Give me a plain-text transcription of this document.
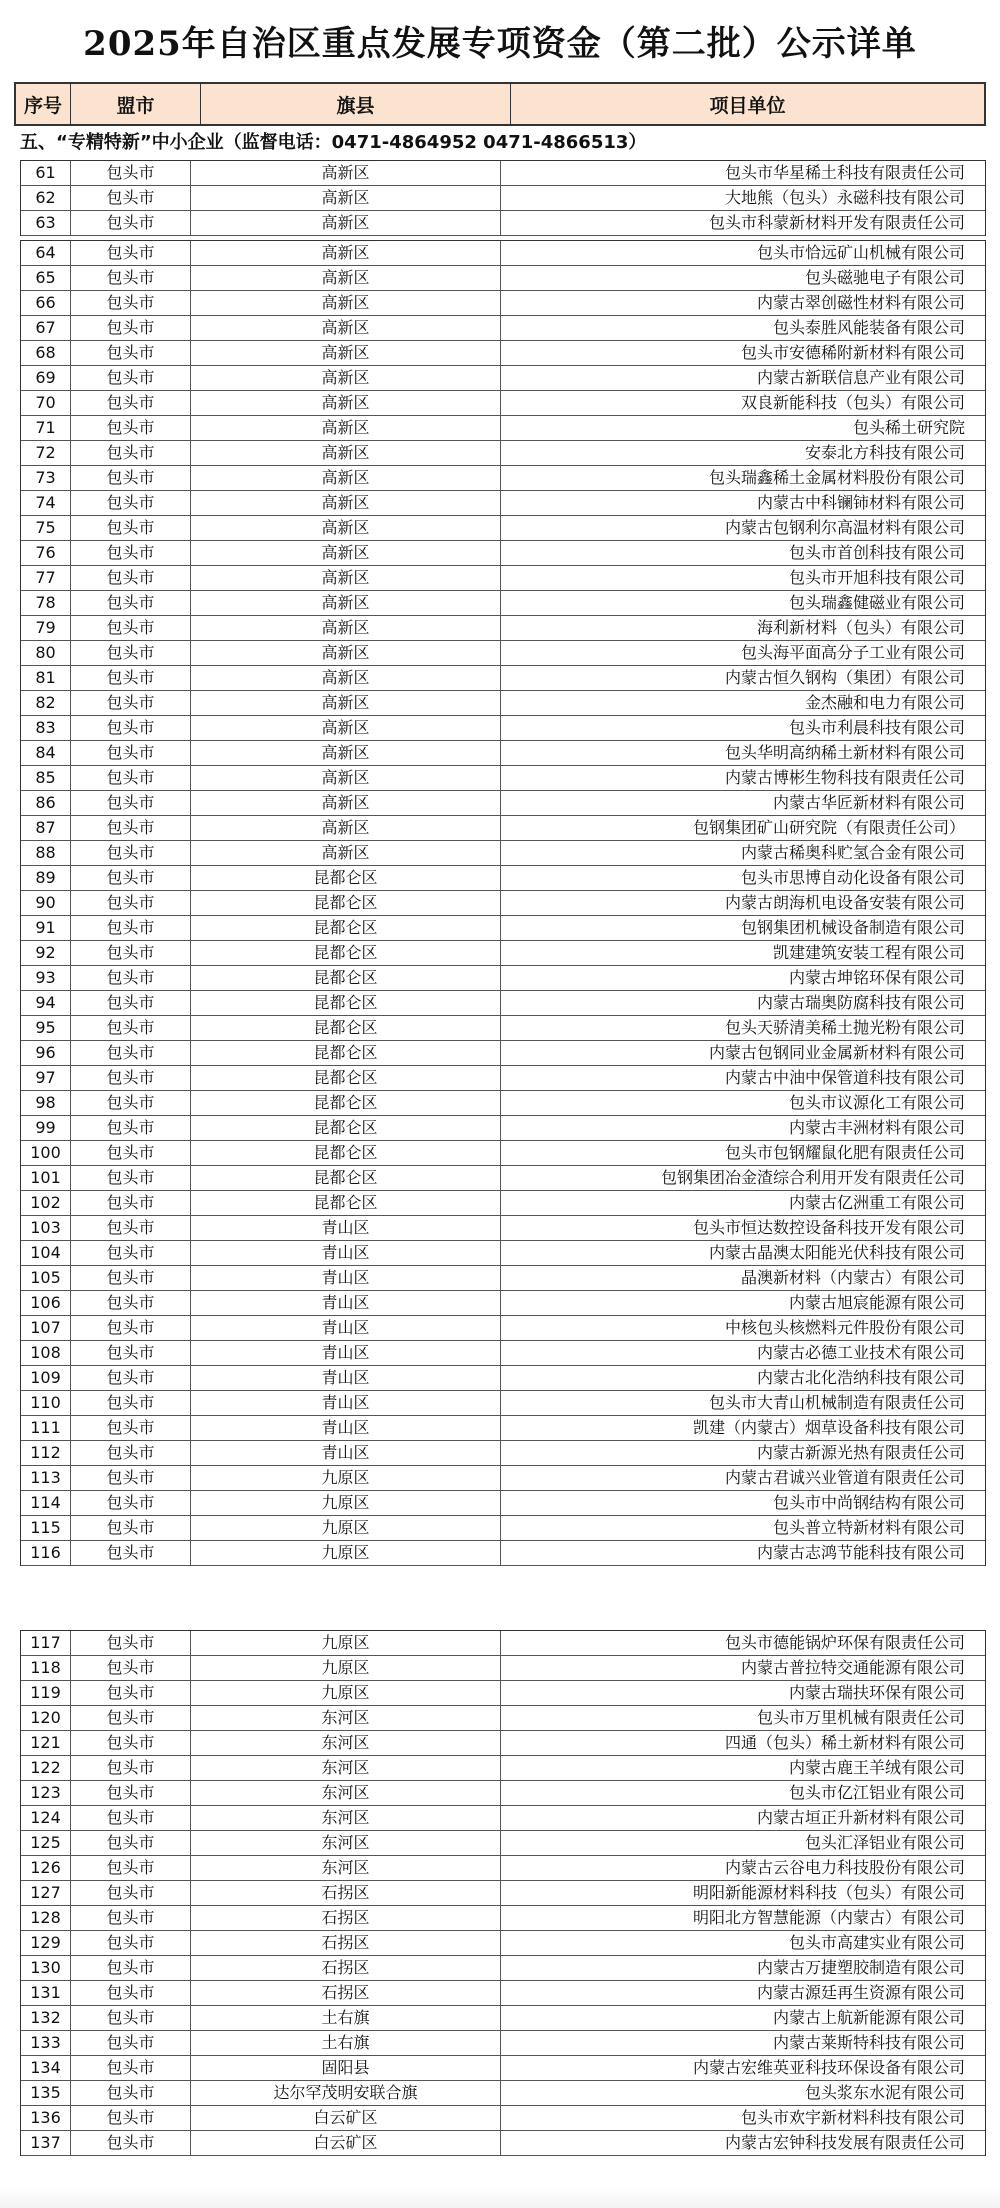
2025年自治区重点发展专项资金（第二批）公示详单
序号	盟市	旗县	项目单位
五、“专精特新”中小企业（监督电话：0471-4864952 0471-4866513）
61	包头市	高新区	包头市华星稀土科技有限责任公司
62	包头市	高新区	大地熊（包头）永磁科技有限公司
63	包头市	高新区	包头市科蒙新材料开发有限责任公司
64	包头市	高新区	包头市恰远矿山机械有限公司
65	包头市	高新区	包头磁驰电子有限公司
66	包头市	高新区	内蒙古翠创磁性材料有限公司
67	包头市	高新区	包头泰胜风能装备有限公司
68	包头市	高新区	包头市安德稀附新材料有限公司
69	包头市	高新区	内蒙古新联信息产业有限公司
70	包头市	高新区	双良新能科技（包头）有限公司
71	包头市	高新区	包头稀土研究院
72	包头市	高新区	安泰北方科技有限公司
73	包头市	高新区	包头瑞鑫稀土金属材料股份有限公司
74	包头市	高新区	内蒙古中科镧铈材料有限公司
75	包头市	高新区	内蒙古包钢利尔高温材料有限公司
76	包头市	高新区	包头市首创科技有限公司
77	包头市	高新区	包头市开旭科技有限公司
78	包头市	高新区	包头瑞鑫健磁业有限公司
79	包头市	高新区	海利新材料（包头）有限公司
80	包头市	高新区	包头海平面高分子工业有限公司
81	包头市	高新区	内蒙古恒久钢构（集团）有限公司
82	包头市	高新区	金杰融和电力有限公司
83	包头市	高新区	包头市利晨科技有限公司
84	包头市	高新区	包头华明高纳稀土新材料有限公司
85	包头市	高新区	内蒙古博彬生物科技有限责任公司
86	包头市	高新区	内蒙古华匠新材料有限公司
87	包头市	高新区	包钢集团矿山研究院（有限责任公司）
88	包头市	高新区	内蒙古稀奥科贮氢合金有限公司
89	包头市	昆都仑区	包头市思博自动化设备有限公司
90	包头市	昆都仑区	内蒙古朗海机电设备安装有限公司
91	包头市	昆都仑区	包钢集团机械设备制造有限公司
92	包头市	昆都仑区	凯建建筑安装工程有限公司
93	包头市	昆都仑区	内蒙古坤铭环保有限公司
94	包头市	昆都仑区	内蒙古瑞奥防腐科技有限公司
95	包头市	昆都仑区	包头天骄清美稀土抛光粉有限公司
96	包头市	昆都仑区	内蒙古包钢同业金属新材料有限公司
97	包头市	昆都仑区	内蒙古中油中保管道科技有限公司
98	包头市	昆都仑区	包头市议源化工有限公司
99	包头市	昆都仑区	内蒙古丰洲材料有限公司
100	包头市	昆都仑区	包头市包钢耀鼠化肥有限责任公司
101	包头市	昆都仑区	包钢集团冶金渣综合利用开发有限责任公司
102	包头市	昆都仑区	内蒙古亿洲重工有限公司
103	包头市	青山区	包头市恒达数控设备科技开发有限公司
104	包头市	青山区	内蒙古晶澳太阳能光伏科技有限公司
105	包头市	青山区	晶澳新材料（内蒙古）有限公司
106	包头市	青山区	内蒙古旭宸能源有限公司
107	包头市	青山区	中核包头核燃料元件股份有限公司
108	包头市	青山区	内蒙古必德工业技术有限公司
109	包头市	青山区	内蒙古北化浩纳科技有限公司
110	包头市	青山区	包头市大青山机械制造有限责任公司
111	包头市	青山区	凯建（内蒙古）烟草设备科技有限公司
112	包头市	青山区	内蒙古新源光热有限责任公司
113	包头市	九原区	内蒙古君诚兴业管道有限责任公司
114	包头市	九原区	包头市中尚钢结构有限公司
115	包头市	九原区	包头普立特新材料有限公司
116	包头市	九原区	内蒙古志鸿节能科技有限公司
117	包头市	九原区	包头市德能锅炉环保有限责任公司
118	包头市	九原区	内蒙古普拉特交通能源有限公司
119	包头市	九原区	内蒙古瑞扶环保有限公司
120	包头市	东河区	包头市万里机械有限责任公司
121	包头市	东河区	四通（包头）稀土新材料有限公司
122	包头市	东河区	内蒙古鹿王羊绒有限公司
123	包头市	东河区	包头市亿江铝业有限公司
124	包头市	东河区	内蒙古垣正升新材料有限公司
125	包头市	东河区	包头汇泽铝业有限公司
126	包头市	东河区	内蒙古云谷电力科技股份有限公司
127	包头市	石拐区	明阳新能源材料科技（包头）有限公司
128	包头市	石拐区	明阳北方智慧能源（内蒙古）有限公司
129	包头市	石拐区	包头市高建实业有限公司
130	包头市	石拐区	内蒙古万捷塑胶制造有限公司
131	包头市	石拐区	内蒙古源廷再生资源有限公司
132	包头市	土右旗	内蒙古上航新能源有限公司
133	包头市	土右旗	内蒙古莱斯特科技有限公司
134	包头市	固阳县	内蒙古宏维英亚科技环保设备有限公司
135	包头市	达尔罕茂明安联合旗	包头浆东水泥有限公司
136	包头市	白云矿区	包头市欢宇新材料科技有限公司
137	包头市	白云矿区	内蒙古宏钟科技发展有限责任公司
